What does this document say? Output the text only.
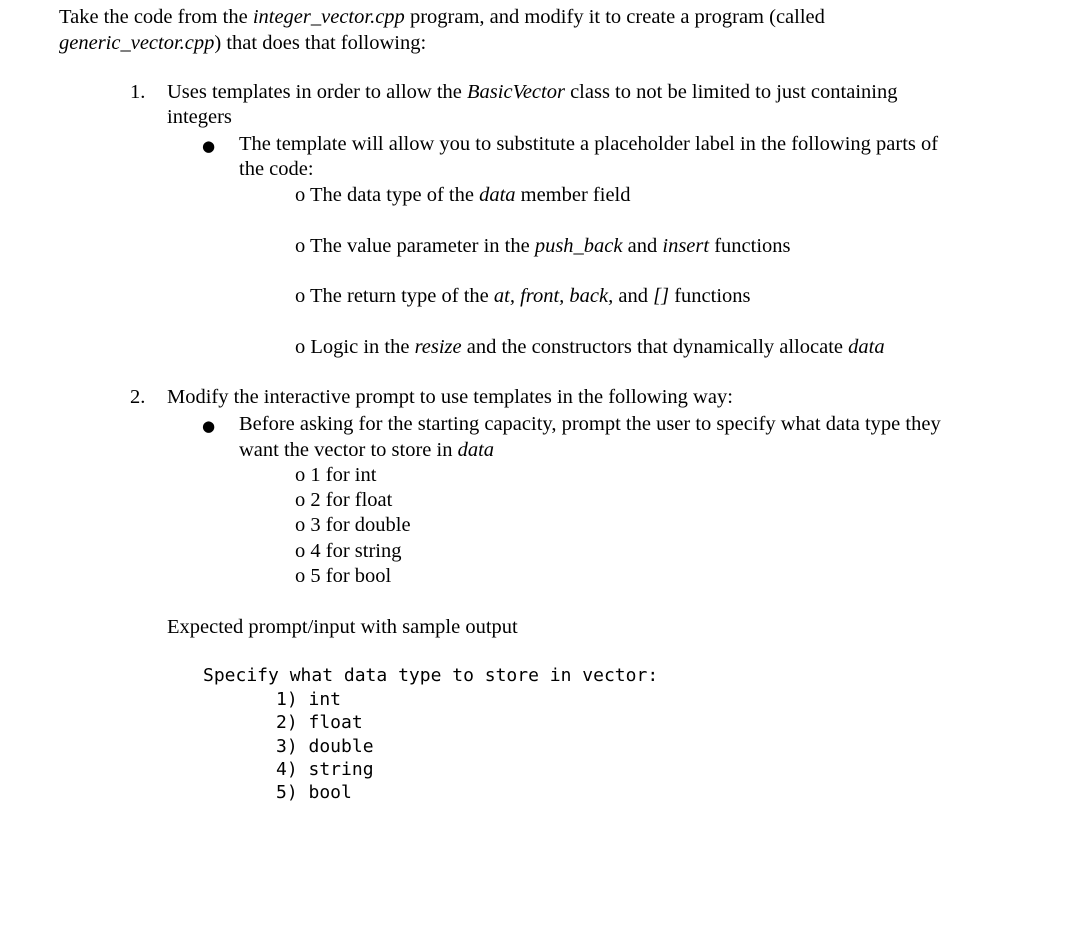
Take the code from the integer_vector.cpp program, and modify it to create a program (called
generic_vector.cpp) that does that following:
1. Uses templates in order to allow the BasicVector class to not be limited to just containing
integers
● The template will allow you to substitute a placeholder label in the following parts of
the code:
o The data type of the data member field
o The value parameter in the push_back and insert functions
o The return type of the at, front, back, and [] functions
o Logic in the resize and the constructors that dynamically allocate data
2. Modify the interactive prompt to use templates in the following way:
● Before asking for the starting capacity, prompt the user to specify what data type they
want the vector to store in data
o 1 for int
o 2 for float
o 3 for double
o 4 for string
o 5 for bool
Expected prompt/input with sample output
Specify what data type to store in vector:
1) int
2) float
3) double
4) string
5) bool
